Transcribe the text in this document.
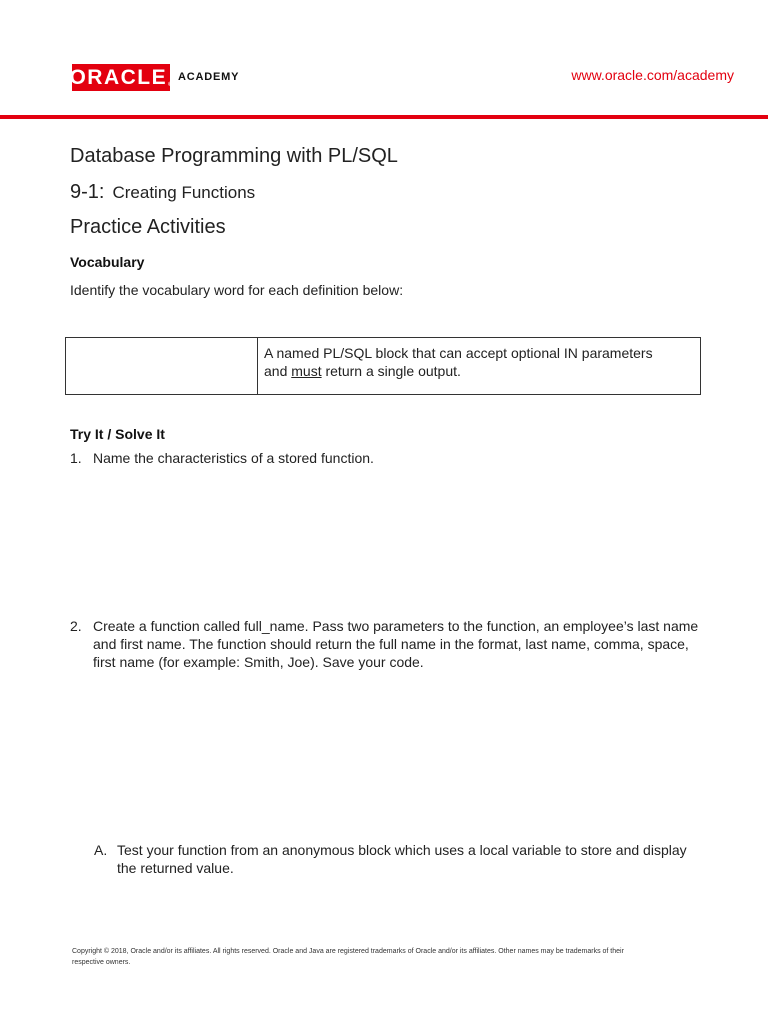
ORACLE ®
ACADEMY	www.oracle.com/academy
Database Programming with PL/SQL
9-1: Creating Functions
Practice Activities
Vocabulary
Identify the vocabulary word for each definition below:
A named PL/SQL block that can accept optional IN parameters
and must return a single output.
Try It / Solve It
1. Name the characteristics of a stored function.
2. Create a function called full_name. Pass two parameters to the function, an employee’s last name
and first name. The function should return the full name in the format, last name, comma, space,
first name (for example: Smith, Joe). Save your code.
A. Test your function from an anonymous block which uses a local variable to store and display
the returned value.
Copyright © 2018, Oracle and/or its affiliates. All rights reserved. Oracle and Java are registered trademarks of Oracle and/or its affiliates. Other names may be trademarks of their
respective owners.
